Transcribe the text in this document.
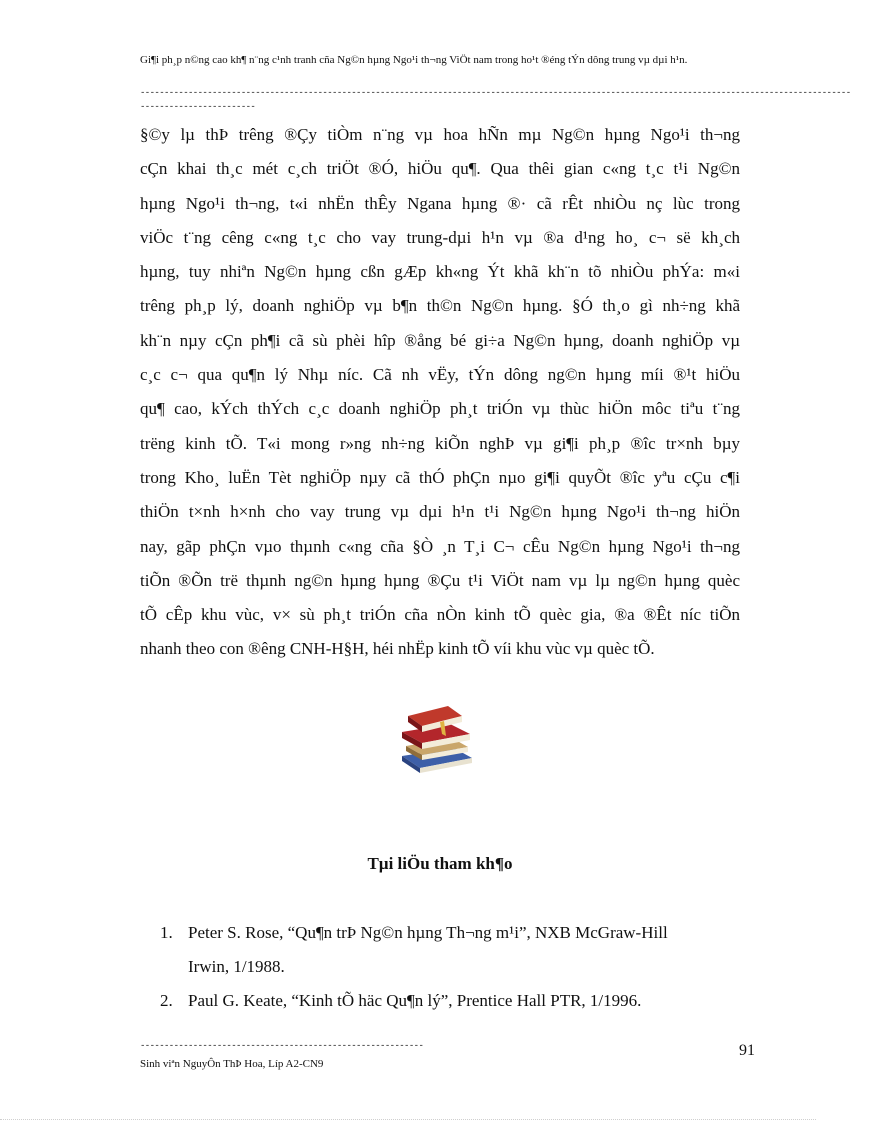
Gi¶i ph¸p n©ng cao kh¶ n¨ng c¹nh tranh cña Ng©n hµng Ngo¹i th¬ng ViÖt nam trong ho¹t ®éng tÝn dông trung vµ dµi h¹n.
----------------------------------------------------------------------------------------------------------------------------------------------------
------------------------
§©y lµ thÞ trêng ®Çy tiÒm n¨ng vµ hoa hÑn mµ Ng©n hµng Ngo¹i th¬ng
cÇn khai th¸c mét c¸ch triÖt ®Ó, hiÖu qu¶. Qua thêi gian c«ng t¸c t¹i Ng©n
hµng Ngo¹i th¬ng, t«i nhËn thÊy Ngana hµng ®· cã rÊt nhiÒu nç lùc trong
viÖc t¨ng cêng c«ng t¸c cho vay trung-dµi h¹n vµ ®a d¹ng ho¸ c¬ së kh¸ch
hµng, tuy nhiªn Ng©n hµng cßn gÆp kh«ng Ýt khã kh¨n tõ nhiÒu phÝa: m«i
trêng ph¸p lý, doanh nghiÖp vµ b¶n th©n Ng©n hµng. §Ó th¸o gì nh÷ng khã
kh¨n nµy cÇn ph¶i cã sù phèi hîp ®ång bé gi÷a Ng©n hµng, doanh nghiÖp vµ
c¸c c¬ qua qu¶n lý Nhµ níc. Cã nh vËy, tÝn dông ng©n hµng míi ®¹t hiÖu
qu¶ cao, kÝch thÝch c¸c doanh nghiÖp ph¸t triÓn vµ thùc hiÖn môc tiªu t¨ng
trëng kinh tÕ. T«i mong r»ng nh÷ng kiÕn nghÞ vµ gi¶i ph¸p ®îc tr×nh bµy
trong Kho¸ luËn Tèt nghiÖp nµy cã thÓ phÇn nµo gi¶i quyÕt ®îc yªu cÇu c¶i
thiÖn t×nh h×nh cho vay trung vµ dµi h¹n t¹i Ng©n hµng Ngo¹i th¬ng hiÖn
nay, gãp phÇn vµo thµnh c«ng cña §Ò ¸n T¸i C¬ cÊu Ng©n hµng Ngo¹i th¬ng
tiÕn ®Õn trë thµnh ng©n hµng hµng ®Çu t¹i ViÖt nam vµ lµ ng©n hµng quèc
tÕ cÊp khu vùc, v× sù ph¸t triÓn cña nÒn kinh tÕ quèc gia, ®a ®Êt níc tiÕn
nhanh theo con ®êng CNH-H§H, héi nhËp kinh tÕ víi khu vùc vµ quèc tÕ.
Tµi liÖu tham kh¶o
1. Peter S. Rose, “Qu¶n trÞ Ng©n hµng Th¬ng m¹i”, NXB McGraw-Hill
Irwin, 1/1988.
2. Paul G. Keate, “Kinh tÕ häc Qu¶n lý”, Prentice Hall PTR, 1/1996.
-----------------------------------------------------------
Sinh viªn NguyÔn ThÞ Hoa, Líp A2-CN9
91
